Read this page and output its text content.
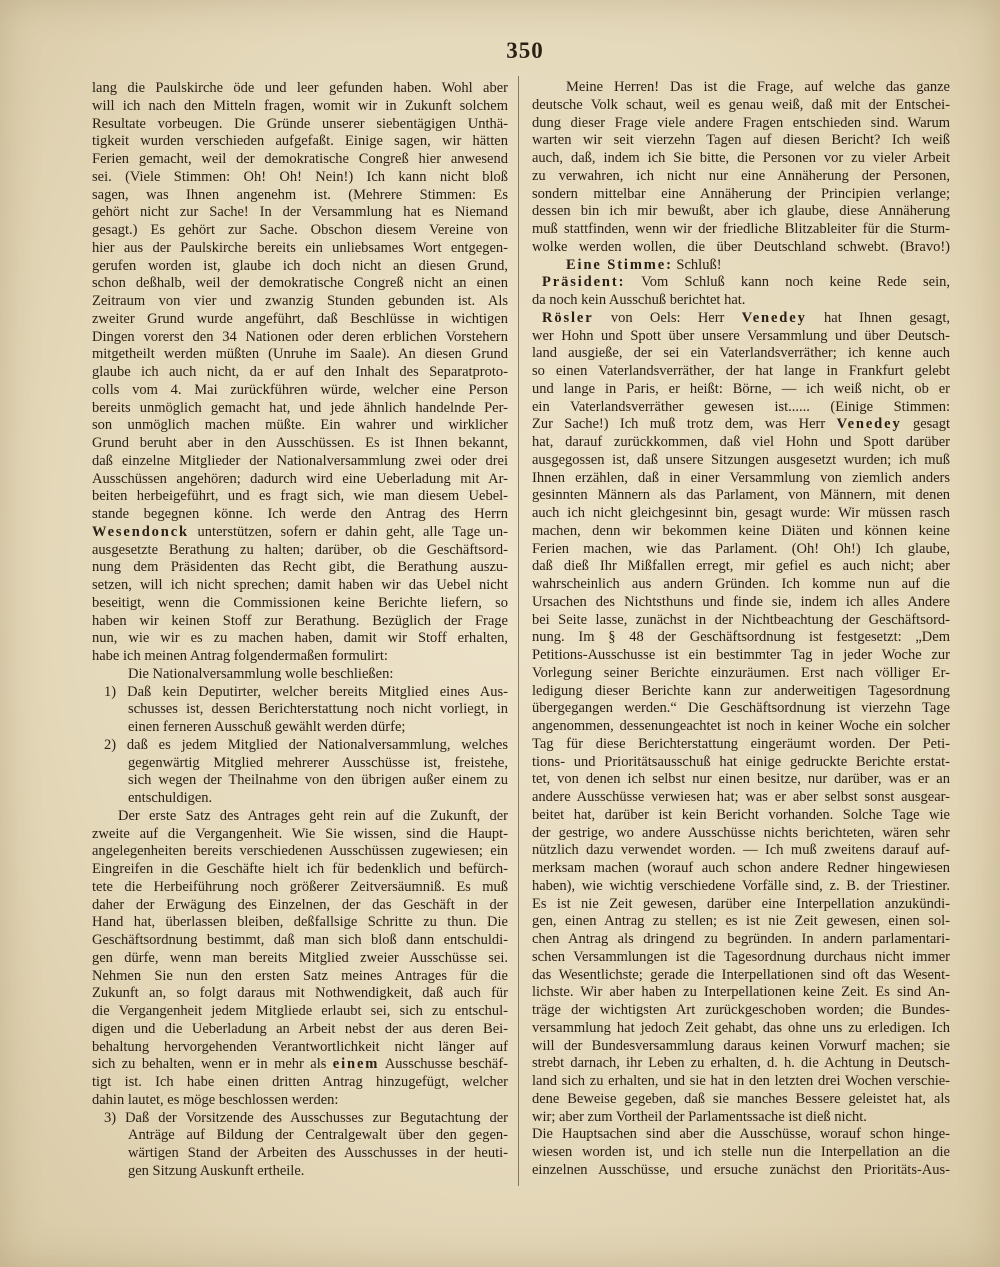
350
lang die Paulskirche öde und leer gefunden haben. Wohl aber
will ich nach den Mitteln fragen, womit wir in Zukunft solchem
Resultate vorbeugen. Die Gründe unserer siebentägigen Unthä-
tigkeit wurden verschieden aufgefaßt. Einige sagen, wir hätten
Ferien gemacht, weil der demokratische Congreß hier anwesend
sei. (Viele Stimmen: Oh! Oh! Nein!) Ich kann nicht bloß
sagen, was Ihnen angenehm ist. (Mehrere Stimmen: Es
gehört nicht zur Sache! In der Versammlung hat es Niemand
gesagt.) Es gehört zur Sache. Obschon diesem Vereine von
hier aus der Paulskirche bereits ein unliebsames Wort entgegen-
gerufen worden ist, glaube ich doch nicht an diesen Grund,
schon deßhalb, weil der demokratische Congreß nicht an einen
Zeitraum von vier und zwanzig Stunden gebunden ist. Als
zweiter Grund wurde angeführt, daß Beschlüsse in wichtigen
Dingen vorerst den 34 Nationen oder deren erblichen Vorstehern
mitgetheilt werden müßten (Unruhe im Saale). An diesen Grund
glaube ich auch nicht, da er auf den Inhalt des Separatproto-
colls vom 4. Mai zurückführen würde, welcher eine Person
bereits unmöglich gemacht hat, und jede ähnlich handelnde Per-
son unmöglich machen müßte. Ein wahrer und wirklicher
Grund beruht aber in den Ausschüssen. Es ist Ihnen bekannt,
daß einzelne Mitglieder der Nationalversammlung zwei oder drei
Ausschüssen angehören; dadurch wird eine Ueberladung mit Ar-
beiten herbeigeführt, und es fragt sich, wie man diesem Uebel-
stande begegnen könne. Ich werde den Antrag des Herrn
Wesendonck unterstützen, sofern er dahin geht, alle Tage un-
ausgesetzte Berathung zu halten; darüber, ob die Geschäftsord-
nung dem Präsidenten das Recht gibt, die Berathung auszu-
setzen, will ich nicht sprechen; damit haben wir das Uebel nicht
beseitigt, wenn die Commissionen keine Berichte liefern, so
haben wir keinen Stoff zur Berathung. Bezüglich der Frage
nun, wie wir es zu machen haben, damit wir Stoff erhalten,
habe ich meinen Antrag folgendermaßen formulirt:
Die Nationalversammlung wolle beschließen:
1) Daß kein Deputirter, welcher bereits Mitglied eines Aus-
schusses ist, dessen Berichterstattung noch nicht vorliegt, in
einen ferneren Ausschuß gewählt werden dürfe;
2) daß es jedem Mitglied der Nationalversammlung, welches
gegenwärtig Mitglied mehrerer Ausschüsse ist, freistehe,
sich wegen der Theilnahme von den übrigen außer einem zu
entschuldigen.
Der erste Satz des Antrages geht rein auf die Zukunft, der
zweite auf die Vergangenheit. Wie Sie wissen, sind die Haupt-
angelegenheiten bereits verschiedenen Ausschüssen zugewiesen; ein
Eingreifen in die Geschäfte hielt ich für bedenklich und befürch-
tete die Herbeiführung noch größerer Zeitversäumniß. Es muß
daher der Erwägung des Einzelnen, der das Geschäft in der
Hand hat, überlassen bleiben, deßfallsige Schritte zu thun. Die
Geschäftsordnung bestimmt, daß man sich bloß dann entschuldi-
gen dürfe, wenn man bereits Mitglied zweier Ausschüsse sei.
Nehmen Sie nun den ersten Satz meines Antrages für die
Zukunft an, so folgt daraus mit Nothwendigkeit, daß auch für
die Vergangenheit jedem Mitgliede erlaubt sei, sich zu entschul-
digen und die Ueberladung an Arbeit nebst der aus deren Bei-
behaltung hervorgehenden Verantwortlichkeit nicht länger auf
sich zu behalten, wenn er in mehr als einem Ausschusse beschäf-
tigt ist. Ich habe einen dritten Antrag hinzugefügt, welcher
dahin lautet, es möge beschlossen werden:
3) Daß der Vorsitzende des Ausschusses zur Begutachtung der
Anträge auf Bildung der Centralgewalt über den gegen-
wärtigen Stand der Arbeiten des Ausschusses in der heuti-
gen Sitzung Auskunft ertheile.
Meine Herren! Das ist die Frage, auf welche das ganze
deutsche Volk schaut, weil es genau weiß, daß mit der Entschei-
dung dieser Frage viele andere Fragen entschieden sind. Warum
warten wir seit vierzehn Tagen auf diesen Bericht? Ich weiß
auch, daß, indem ich Sie bitte, die Personen vor zu vieler Arbeit
zu verwahren, ich nicht nur eine Annäherung der Personen,
sondern mittelbar eine Annäherung der Principien verlange;
dessen bin ich mir bewußt, aber ich glaube, diese Annäherung
muß stattfinden, wenn wir der friedliche Blitzableiter für die Sturm-
wolke werden wollen, die über Deutschland schwebt. (Bravo!)
Eine Stimme: Schluß!
Präsident: Vom Schluß kann noch keine Rede sein,
da noch kein Ausschuß berichtet hat.
Rösler von Oels: Herr Venedey hat Ihnen gesagt,
wer Hohn und Spott über unsere Versammlung und über Deutsch-
land ausgieße, der sei ein Vaterlandsverräther; ich kenne auch
so einen Vaterlandsverräther, der hat lange in Frankfurt gelebt
und lange in Paris, er heißt: Börne, — ich weiß nicht, ob er
ein Vaterlandsverräther gewesen ist...... (Einige Stimmen:
Zur Sache!) Ich muß trotz dem, was Herr Venedey gesagt
hat, darauf zurückkommen, daß viel Hohn und Spott darüber
ausgegossen ist, daß unsere Sitzungen ausgesetzt wurden; ich muß
Ihnen erzählen, daß in einer Versammlung von ziemlich anders
gesinnten Männern als das Parlament, von Männern, mit denen
auch ich nicht gleichgesinnt bin, gesagt wurde: Wir müssen rasch
machen, denn wir bekommen keine Diäten und können keine
Ferien machen, wie das Parlament. (Oh! Oh!) Ich glaube,
daß dieß Ihr Mißfallen erregt, mir gefiel es auch nicht; aber
wahrscheinlich aus andern Gründen. Ich komme nun auf die
Ursachen des Nichtsthuns und finde sie, indem ich alles Andere
bei Seite lasse, zunächst in der Nichtbeachtung der Geschäftsord-
nung. Im § 48 der Geschäftsordnung ist festgesetzt: „Dem
Petitions-Ausschusse ist ein bestimmter Tag in jeder Woche zur
Vorlegung seiner Berichte einzuräumen. Erst nach völliger Er-
ledigung dieser Berichte kann zur anderweitigen Tagesordnung
übergegangen werden.“ Die Geschäftsordnung ist vierzehn Tage
angenommen, dessenungeachtet ist noch in keiner Woche ein solcher
Tag für diese Berichterstattung eingeräumt worden. Der Peti-
tions- und Prioritätsausschuß hat einige gedruckte Berichte erstat-
tet, von denen ich selbst nur einen besitze, nur darüber, was er an
andere Ausschüsse verwiesen hat; was er aber selbst sonst ausgear-
beitet hat, darüber ist kein Bericht vorhanden. Solche Tage wie
der gestrige, wo andere Ausschüsse nichts berichteten, wären sehr
nützlich dazu verwendet worden. — Ich muß zweitens darauf auf-
merksam machen (worauf auch schon andere Redner hingewiesen
haben), wie wichtig verschiedene Vorfälle sind, z. B. der Triestiner.
Es ist nie Zeit gewesen, darüber eine Interpellation anzukündi-
gen, einen Antrag zu stellen; es ist nie Zeit gewesen, einen sol-
chen Antrag als dringend zu begründen. In andern parlamentari-
schen Versammlungen ist die Tagesordnung durchaus nicht immer
das Wesentlichste; gerade die Interpellationen sind oft das Wesent-
lichste. Wir aber haben zu Interpellationen keine Zeit. Es sind An-
träge der wichtigsten Art zurückgeschoben worden; die Bundes-
versammlung hat jedoch Zeit gehabt, das ohne uns zu erledigen. Ich
will der Bundesversammlung daraus keinen Vorwurf machen; sie
strebt darnach, ihr Leben zu erhalten, d. h. die Achtung in Deutsch-
land sich zu erhalten, und sie hat in den letzten drei Wochen verschie-
dene Beweise gegeben, daß sie manches Bessere geleistet hat, als
wir; aber zum Vortheil der Parlamentssache ist dieß nicht.
Die Hauptsachen sind aber die Ausschüsse, worauf schon hinge-
wiesen worden ist, und ich stelle nun die Interpellation an die
einzelnen Ausschüsse, und ersuche zunächst den Prioritäts-Aus-
